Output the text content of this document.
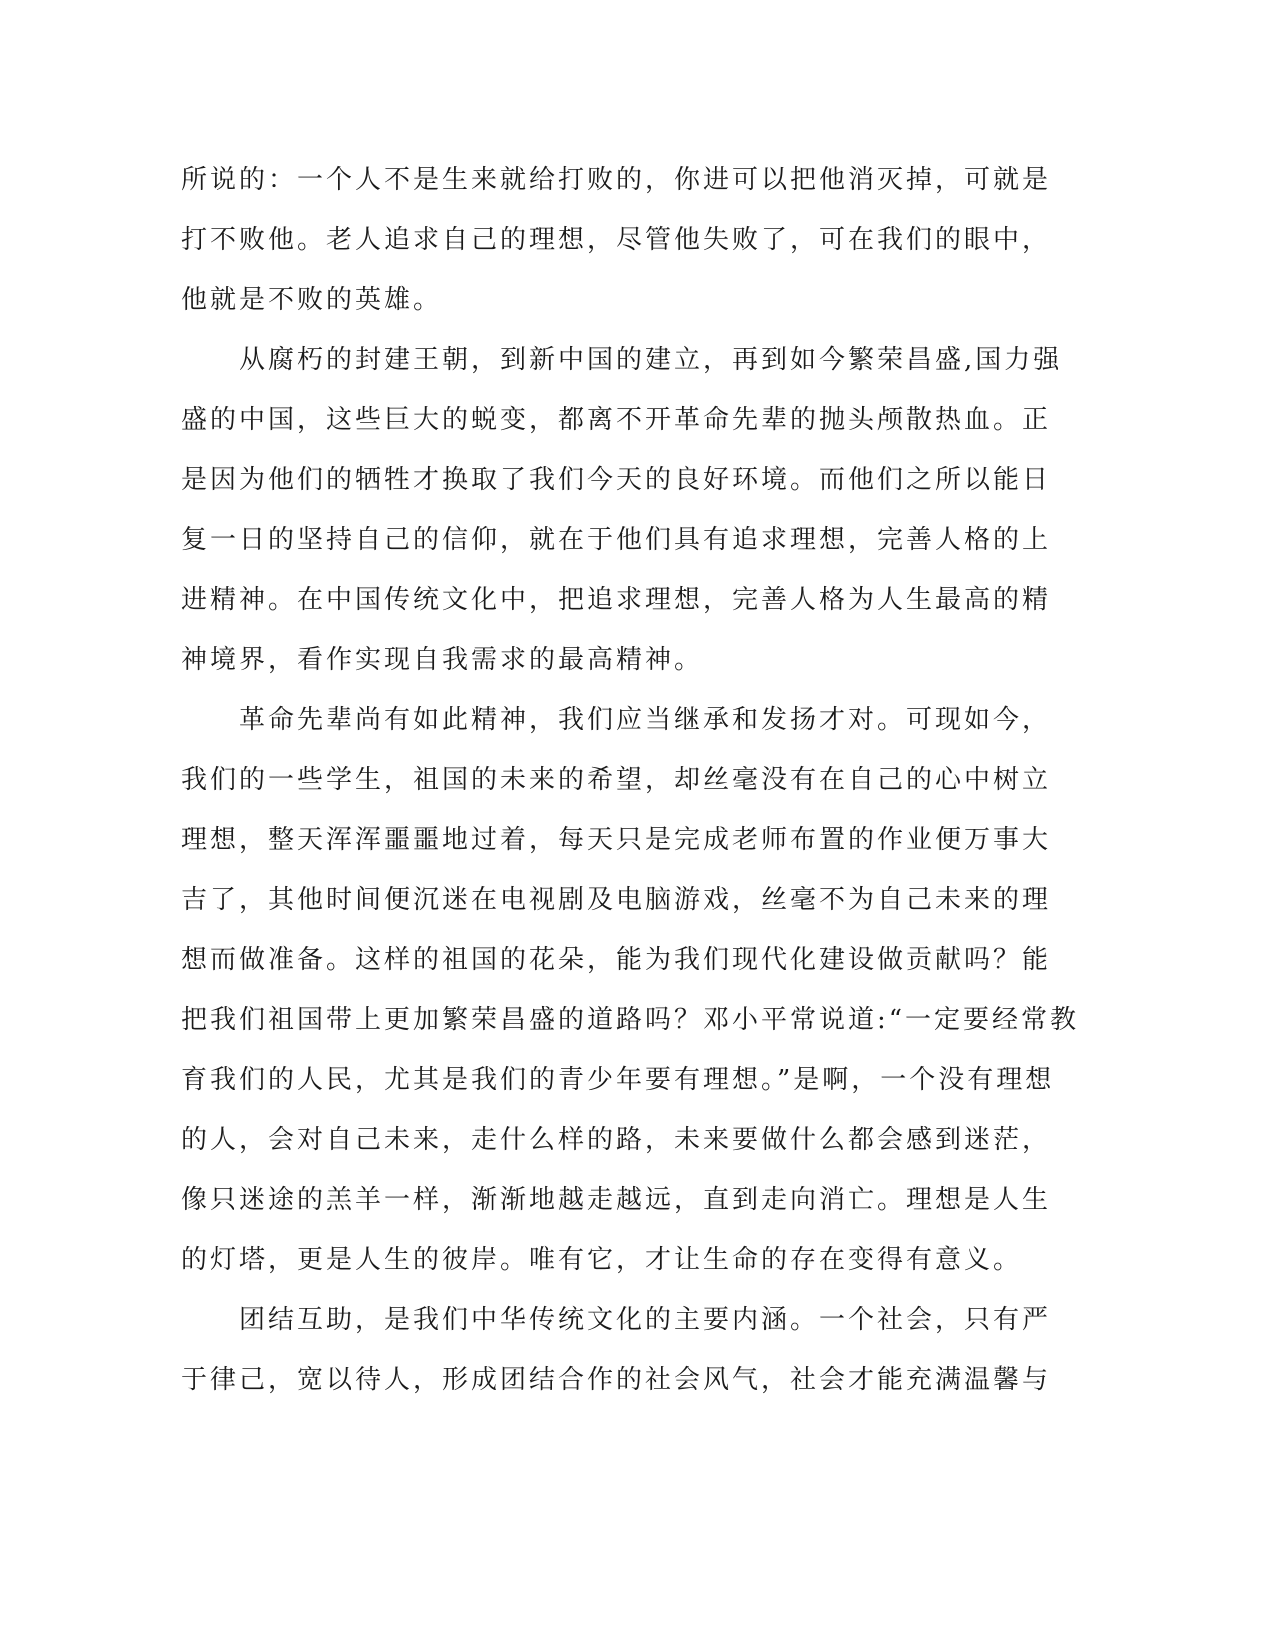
所说的：一个人不是生来就给打败的，你进可以把他消灭掉，可就是
打不败他。老人追求自己的理想，尽管他失败了，可在我们的眼中，
他就是不败的英雄。
　　从腐朽的封建王朝，到新中国的建立，再到如今繁荣昌盛,国力强
盛的中国，这些巨大的蜕变，都离不开革命先辈的抛头颅散热血。正
是因为他们的牺牲才换取了我们今天的良好环境。而他们之所以能日
复一日的坚持自己的信仰，就在于他们具有追求理想，完善人格的上
进精神。在中国传统文化中，把追求理想，完善人格为人生最高的精
神境界，看作实现自我需求的最高精神。
　　革命先辈尚有如此精神，我们应当继承和发扬才对。可现如今，
我们的一些学生，祖国的未来的希望，却丝毫没有在自己的心中树立
理想，整天浑浑噩噩地过着，每天只是完成老师布置的作业便万事大
吉了，其他时间便沉迷在电视剧及电脑游戏，丝毫不为自己未来的理
想而做准备。这样的祖国的花朵，能为我们现代化建设做贡献吗？能
把我们祖国带上更加繁荣昌盛的道路吗？邓小平常说道:“一定要经常教
育我们的人民，尤其是我们的青少年要有理想。”是啊，一个没有理想
的人，会对自己未来，走什么样的路，未来要做什么都会感到迷茫，
像只迷途的羔羊一样，渐渐地越走越远，直到走向消亡。理想是人生
的灯塔，更是人生的彼岸。唯有它，才让生命的存在变得有意义。
　　团结互助，是我们中华传统文化的主要内涵。一个社会，只有严
于律己，宽以待人，形成团结合作的社会风气，社会才能充满温馨与
